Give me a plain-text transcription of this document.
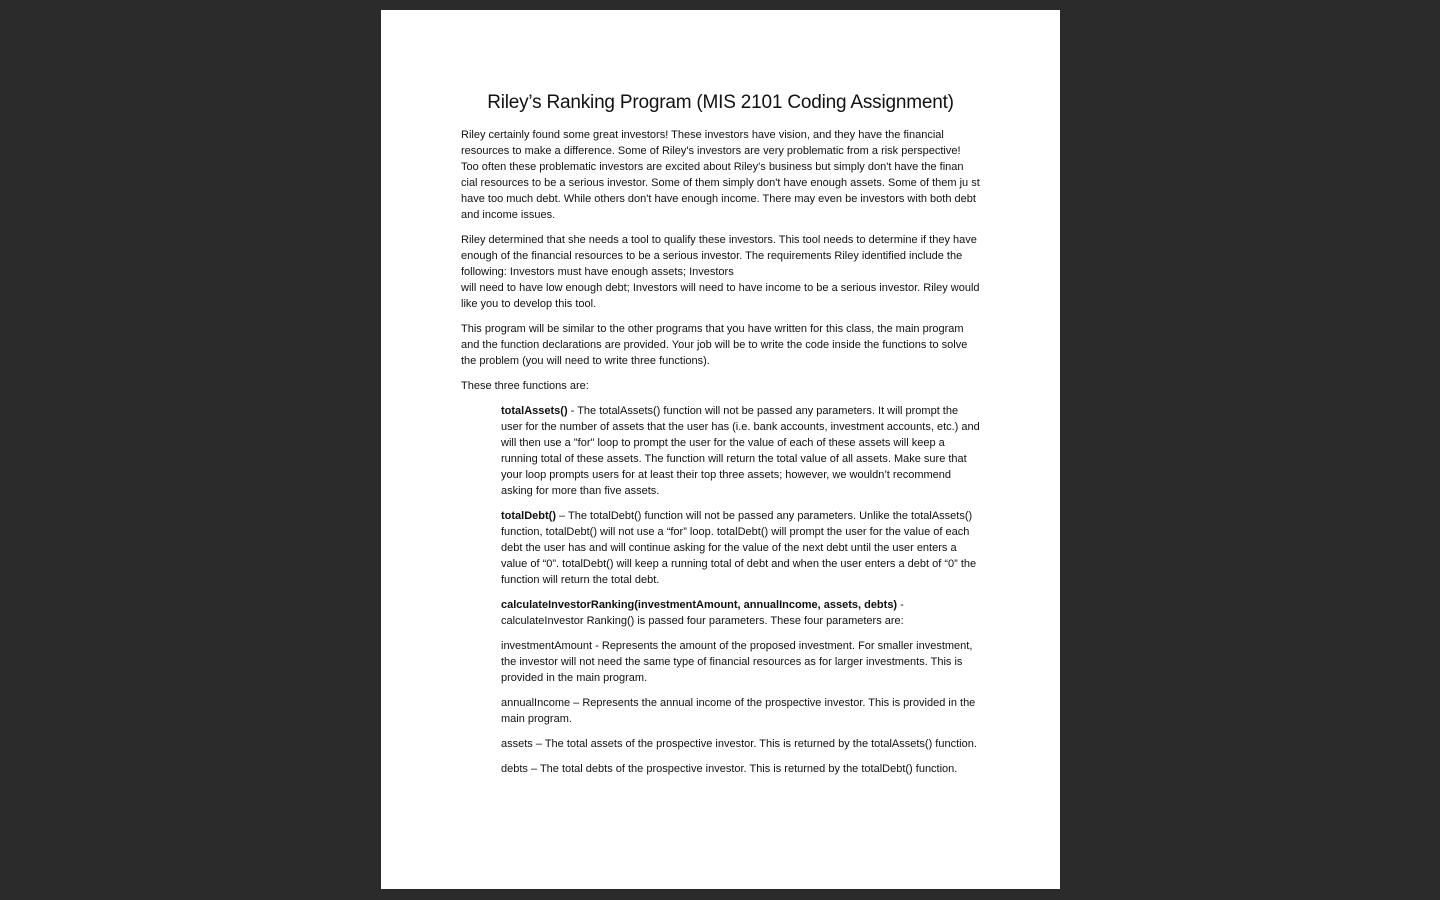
Riley’s Ranking Program (MIS 2101 Coding Assignment)

Riley certainly found some great investors! These investors have vision, and they have the financial resources to make a difference. Some of Riley's investors are very problematic from a risk perspective! Too often these problematic investors are excited about Riley's business but simply don't have the finan cial resources to be a serious investor. Some of them simply don't have enough assets. Some of them ju st have too much debt. While others don't have enough income. There may even be investors with both debt and income issues.

Riley determined that she needs a tool to qualify these investors. This tool needs to determine if they have enough of the financial resources to be a serious investor. The requirements Riley identified include the following: Investors must have enough assets; Investors
will need to have low enough debt; Investors will need to have income to be a serious investor. Riley would like you to develop this tool.

This program will be similar to the other programs that you have written for this class, the main program and the function declarations are provided. Your job will be to write the code inside the functions to solve the problem (you will need to write three functions).

These three functions are:

totalAssets() - The totalAssets() function will not be passed any parameters. It will prompt the user for the number of assets that the user has (i.e. bank accounts, investment accounts, etc.) and will then use a "for" loop to prompt the user for the value of each of these assets will keep a running total of these assets. The function will return the total value of all assets. Make sure that your loop prompts users for at least their top three assets; however, we wouldn’t recommend asking for more than five assets.

totalDebt() – The totalDebt() function will not be passed any parameters. Unlike the totalAssets() function, totalDebt() will not use a “for” loop. totalDebt() will prompt the user for the value of each debt the user has and will continue asking for the value of the next debt until the user enters a value of “0”. totalDebt() will keep a running total of debt and when the user enters a debt of “0” the function will return the total debt.

calculateInvestorRanking(investmentAmount, annualIncome, assets, debts) - calculateInvestor Ranking() is passed four parameters. These four parameters are:

investmentAmount - Represents the amount of the proposed investment. For smaller investment, the investor will not need the same type of financial resources as for larger investments. This is provided in the main program.

annualIncome – Represents the annual income of the prospective investor. This is provided in the main program.

assets – The total assets of the prospective investor. This is returned by the totalAssets() function.

debts – The total debts of the prospective investor. This is returned by the totalDebt() function.
